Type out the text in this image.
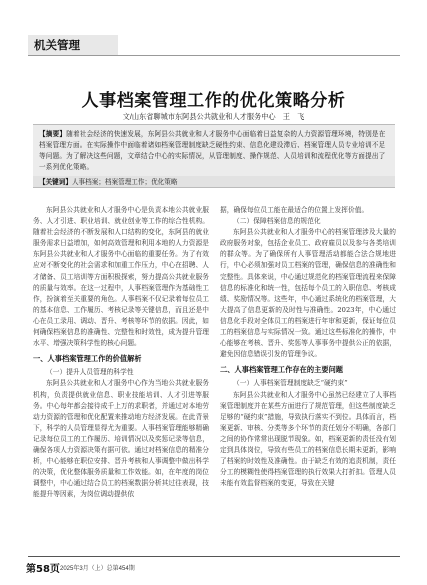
机关管理
人事档案管理工作的优化策略分析
文/山东省聊城市东阿县公共就业和人才服务中心　王　飞
【摘要】随着社会经济的快速发展，东阿县公共就业和人才服务中心面临着日益复杂的人力资源管理环境，特别是在档案管理方面。在实际操作中面临着诸如档案管理制度缺乏硬性约束、信息化建设滞后、档案管理人员专业培训不足等问题。为了解决这些问题，文章结合中心的实际情况，从管理制度、操作规范、人员培训和流程优化等方面提出了一系列优化策略。
【关键词】人事档案；档案管理工作；优化策略

东阿县公共就业和人才服务中心是负责本地公共就业服务、人才引进、职业培训、就业创业等工作的综合性机构。随着社会经济的不断发展和人口结构的变化，东阿县的就业服务需求日益增加，如何高效管理和利用本地的人力资源是东阿县公共就业和人才服务中心面临的重要任务。为了有效应对不断变化的社会需求和加重工作压力，中心在招聘、人才储备、员工培训等方面积极探索，努力提高公共就业服务的质量与效率。在这一过程中，人事档案管理作为基础性工作，扮演着至关重要的角色。人事档案不仅记录着每位员工的基本信息、工作履历、考核记录等关键信息，而且还是中心在员工录用、调动、晋升、考核等环节的依据。因此，如何确保档案信息的准确性、完整性和时效性，成为提升管理水平、增强决策科学性的核心问题。

一、人事档案管理工作的价值解析

（一）提升人员管理的科学性

东阿县公共就业和人才服务中心作为当地公共就业服务机构，负责提供就业信息、职业技能培训、人才引进等服务。中心每年都会接待成千上万的求职者，并通过对本地劳动力资源的管理和优化配置来推动地方经济发展。在此背景下，科学的人员管理显得尤为重要。人事档案管理能够精确记录每位员工的工作履历、培训情况以及奖惩记录等信息，确保各项人力资源决策有据可依。通过对档案信息的精准分析，中心能够在职位安排、晋升考核和人事调整中做出科学的决策，优化整体服务质量和工作效能。如，在年度的岗位调整中，中心通过结合员工的档案数据分析其过往表现，技能提升等因素，为岗位调动提供依

据，确保每位员工能在最适合的位置上发挥价值。

（二）保障档案信息的规范化

东阿县公共就业和人才服务中心的档案管理涉及大量的政府服务对象，包括企业员工、政府雇员以及参与各类培训的群众等。为了确保所有人事管理活动都能合法合规地进行，中心必须加强对员工档案的管理，确保信息的准确性和完整性。具体来说，中心通过规范化的档案管理流程来保障信息的标准化和统一性，包括每个员工的入职信息、考核成绩、奖励情况等。这些年，中心通过系统化的档案管理，大大提高了信息更新的及时性与准确性。2023年，中心通过信息化手段对全体员工的档案进行年审和更新，保证每位员工的档案信息与实际情况一致。通过这些标准化的操作，中心能够在考核、晋升、奖惩等人事事务中提供公正的依据，避免因信息错误引发的管理争议。

二、人事档案管理工作存在的主要问题

（一）人事档案管理制度缺乏“硬约束”

东阿县公共就业和人才服务中心虽然已经建立了人事档案管理制度并在某些方面进行了规范管理，但这些制度缺乏足够的“硬约束”措施，导致执行落实不到位。具体而言，档案更新、审核、分类等多个环节的责任划分不明确，各部门之间的协作常常出现脱节现象。如，档案更新的责任没有划定到具体岗位，导致有些员工的档案信息长期未更新，影响了档案的时效性及准确性。由于缺乏有效的追责机制，责任分工的模糊性使得档案管理的执行效果大打折扣。管理人员未能有效监督档案的变更，导致在关键

第58页 2025年3月（上）总第454期
